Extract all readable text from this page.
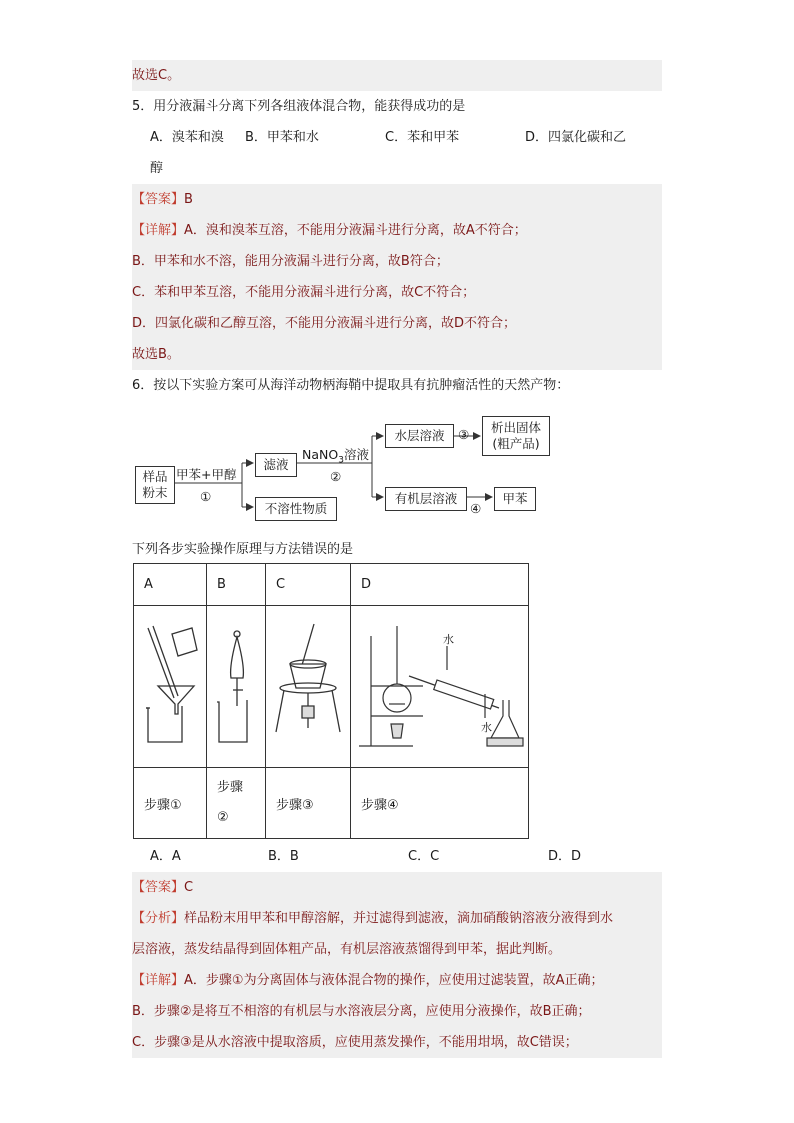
故选C。
5．用分液漏斗分离下列各组液体混合物，能获得成功的是
A．溴苯和溴	B．甲苯和水	C．苯和甲苯	D．四氯化碳和乙
醇
【答案】B
【详解】A．溴和溴苯互溶，不能用分液漏斗进行分离，故A不符合；
B．甲苯和水不溶，能用分液漏斗进行分离，故B符合；
C．苯和甲苯互溶，不能用分液漏斗进行分离，故C不符合；
D．四氯化碳和乙醇互溶，不能用分液漏斗进行分离，故D不符合；
故选B。
6．按以下实验方案可从海洋动物柄海鞘中提取具有抗肿瘤活性的天然产物：
样品
粉末
甲苯+甲醇
①
滤液
不溶性物质
NaNO$_3$溶液
②
水层溶液	③ 析出固体
(粗产品)
有机层溶液
④
甲苯
下列各步实验操作原理与方法错误的是
A	B	C	D

水
水

步骤①	步骤
②	步骤③	步骤④
A．A	B．B	C．C	D．D
【答案】C
【分析】样品粉末用甲苯和甲醇溶解，并过滤得到滤液，滴加硝酸钠溶液分液得到水
层溶液，蒸发结晶得到固体粗产品，有机层溶液蒸馏得到甲苯，据此判断。
【详解】A．步骤①为分离固体与液体混合物的操作，应使用过滤装置，故A正确；
B．步骤②是将互不相溶的有机层与水溶液层分离，应使用分液操作，故B正确；
C．步骤③是从水溶液中提取溶质，应使用蒸发操作，不能用坩埚，故C错误；
